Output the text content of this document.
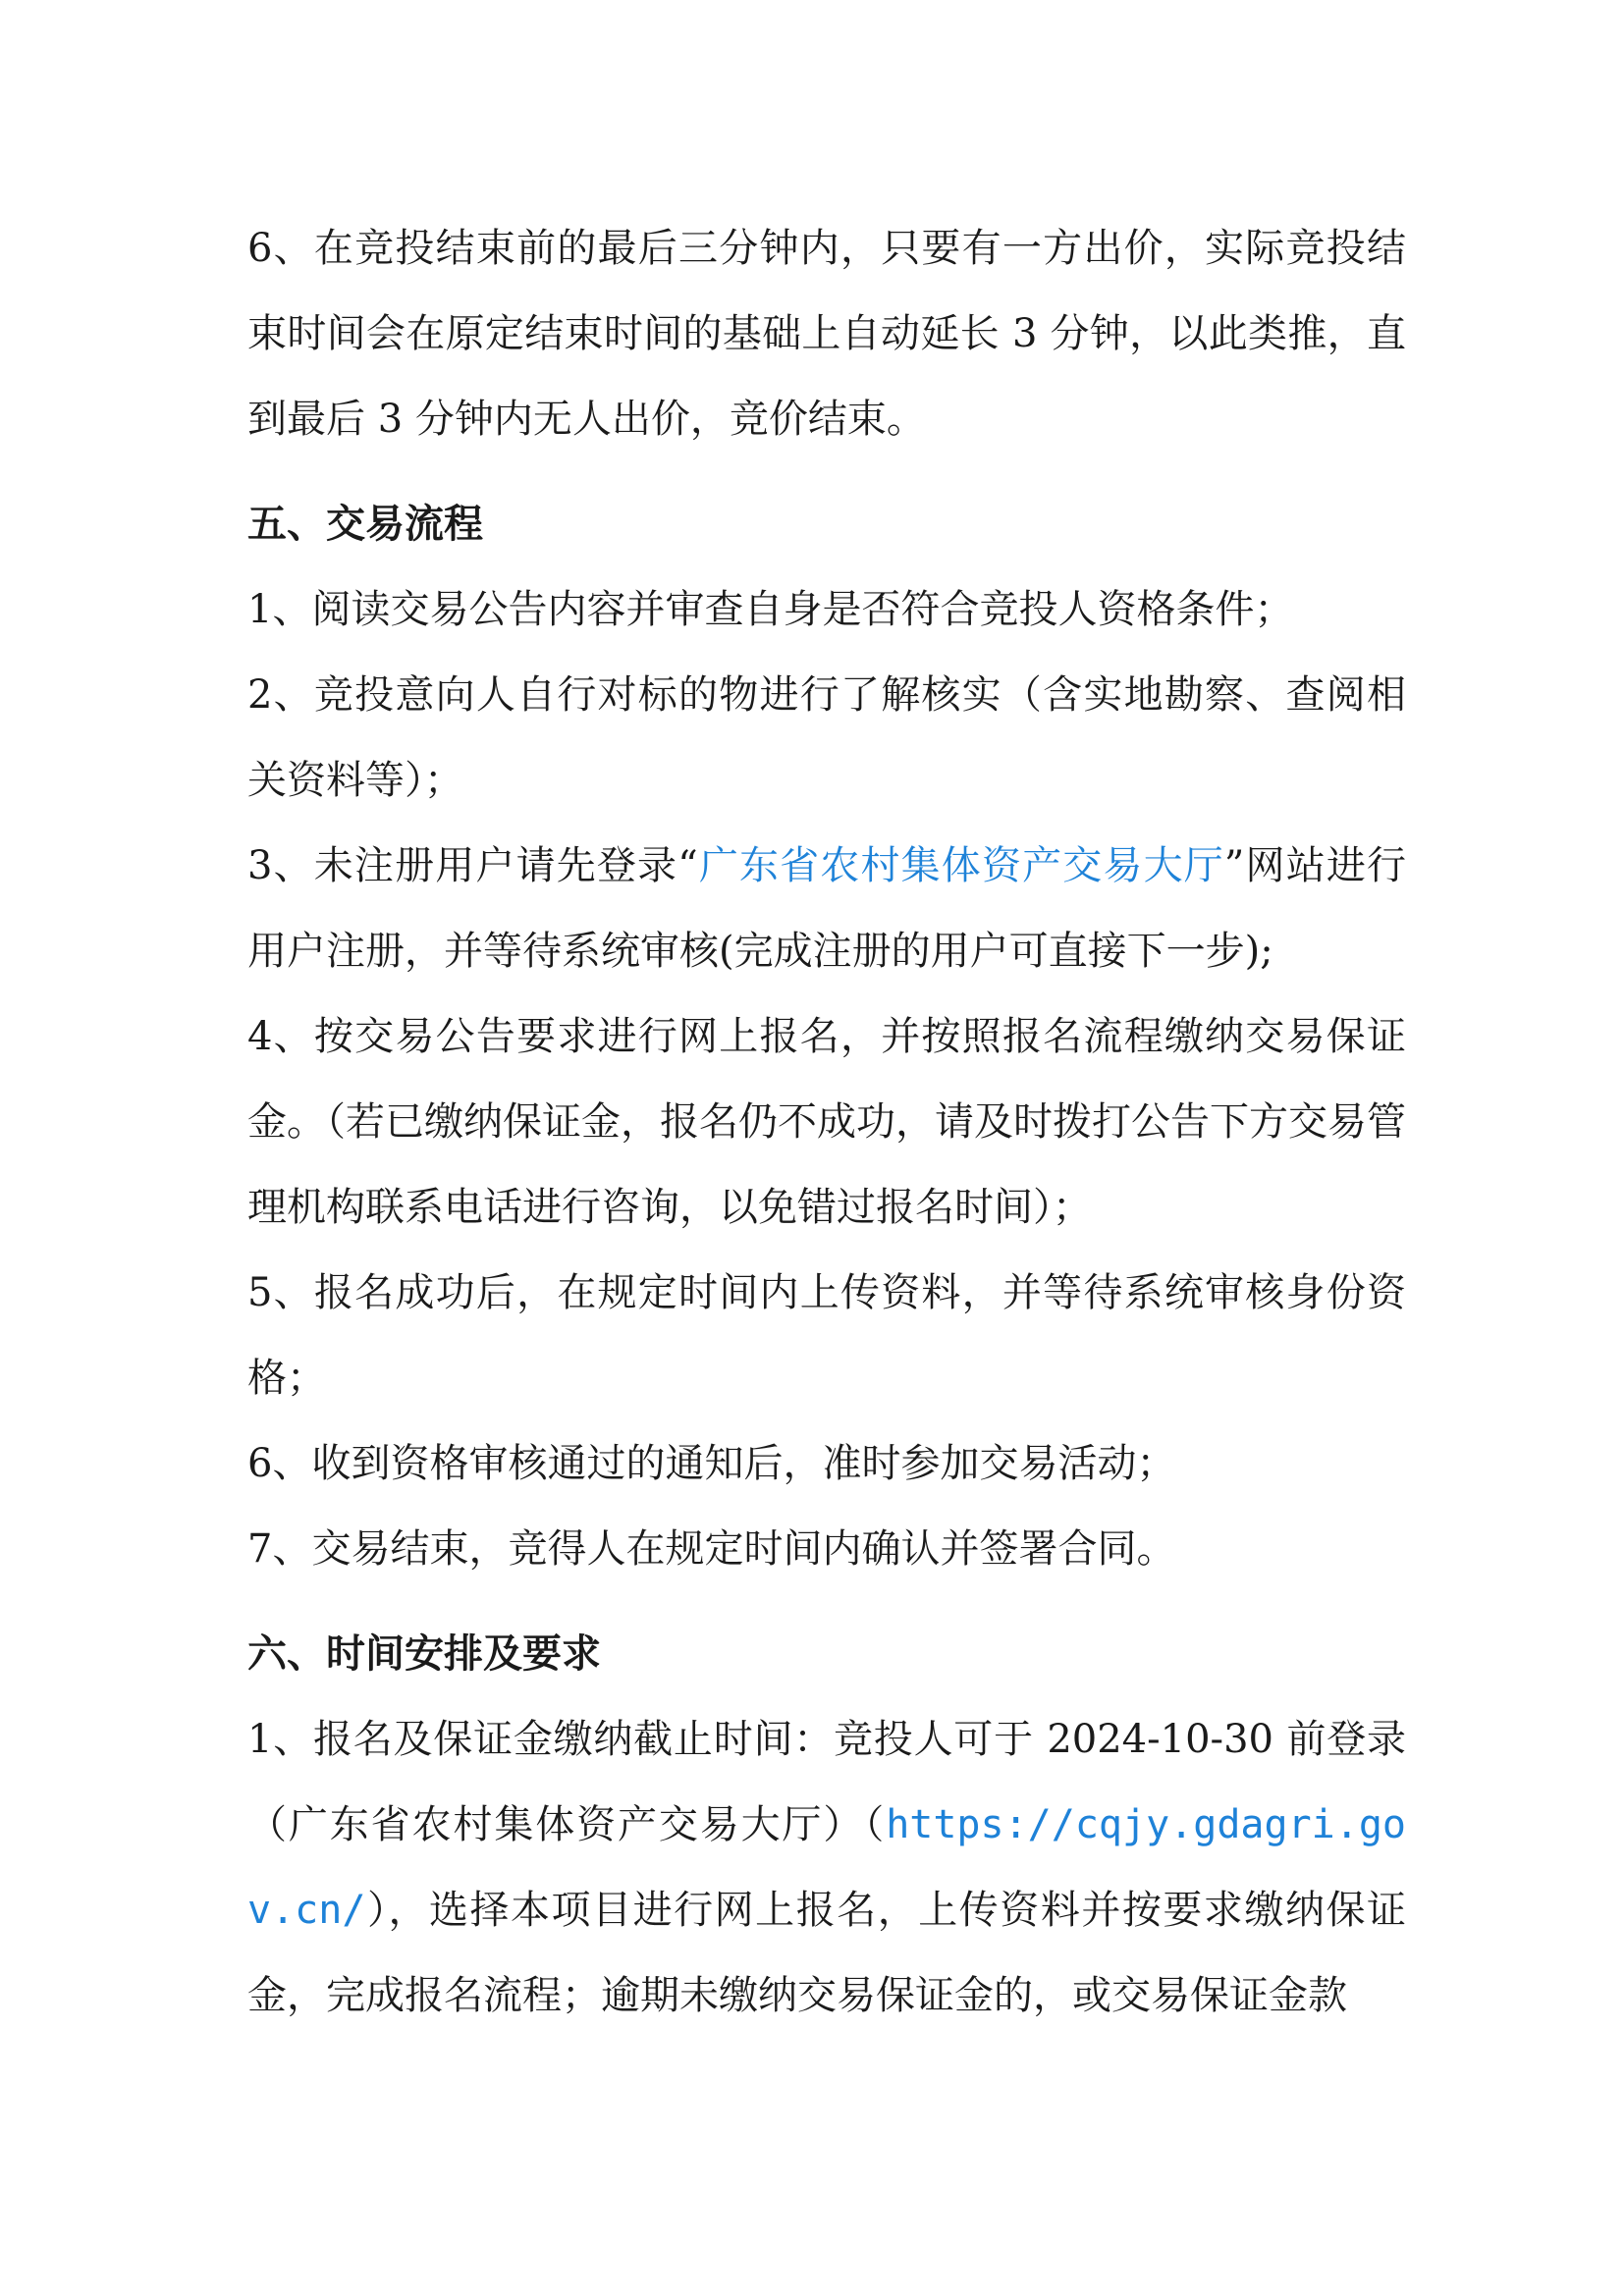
6、在竞投结束前的最后三分钟内，只要有一方出价，实际竞投结束时间会在原定结束时间的基础上自动延长 3 分钟，以此类推，直到最后 3 分钟内无人出价，竞价结束。

五、交易流程

1、阅读交易公告内容并审查自身是否符合竞投人资格条件；

2、竞投意向人自行对标的物进行了解核实（含实地勘察、查阅相关资料等）；

3、未注册用户请先登录“广东省农村集体资产交易大厅”网站进行用户注册，并等待系统审核(完成注册的用户可直接下一步);

4、按交易公告要求进行网上报名，并按照报名流程缴纳交易保证金。（若已缴纳保证金，报名仍不成功，请及时拨打公告下方交易管理机构联系电话进行咨询，以免错过报名时间）；

5、报名成功后，在规定时间内上传资料，并等待系统审核身份资格；

6、收到资格审核通过的通知后，准时参加交易活动；

7、交易结束，竞得人在规定时间内确认并签署合同。

六、时间安排及要求

1、报名及保证金缴纳截止时间：竞投人可于 2024-10-30 前登录（广东省农村集体资产交易大厅）（https://cqjy.gdagri.gov.cn/），选择本项目进行网上报名，上传资料并按要求缴纳保证金，完成报名流程；逾期未缴纳交易保证金的，或交易保证金款
